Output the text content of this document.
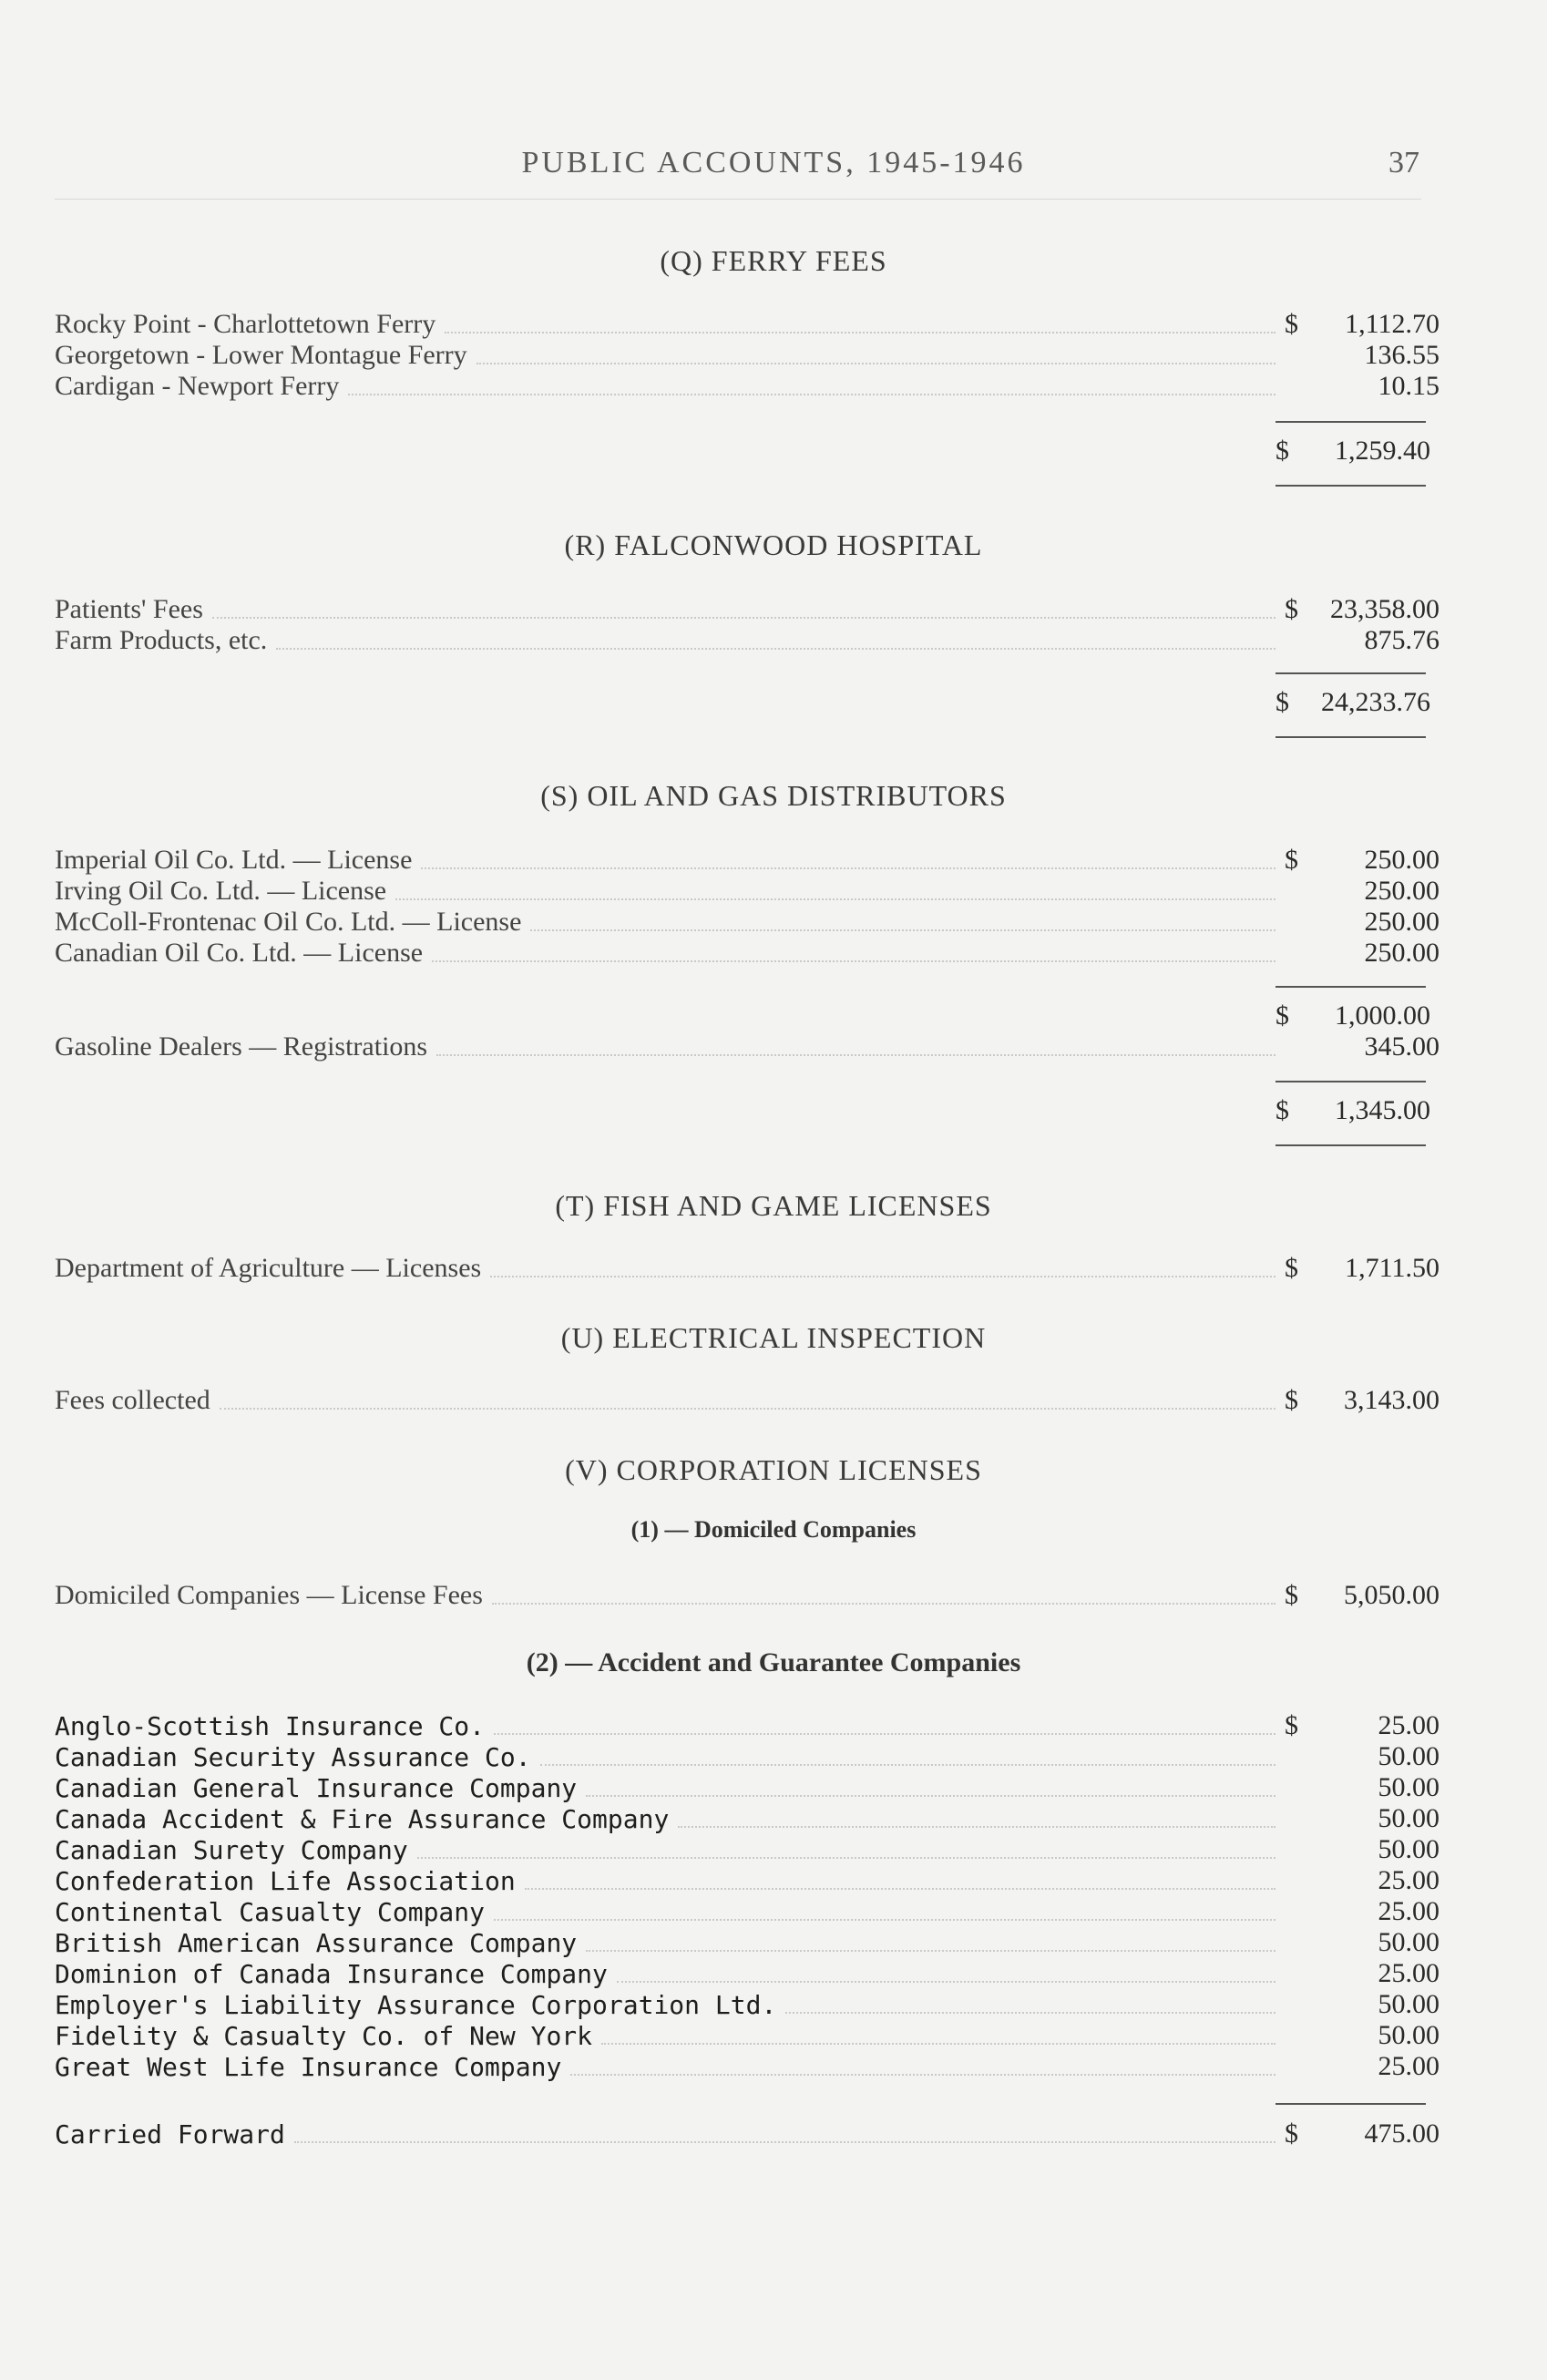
PUBLIC ACCOUNTS, 1945-1946	37
(Q) FERRY FEES
Rocky Point - Charlottetown Ferry	$	1,112.70
Georgetown - Lower Montague Ferry	136.55
Cardigan - Newport Ferry	10.15
$	1,259.40
(R) FALCONWOOD HOSPITAL
Patients' Fees	$	23,358.00
Farm Products, etc.	875.76
$	24,233.76
(S) OIL AND GAS DISTRIBUTORS
Imperial Oil Co. Ltd. — License	$	250.00
Irving Oil Co. Ltd. — License	250.00
McColl-Frontenac Oil Co. Ltd. — License	250.00
Canadian Oil Co. Ltd. — License	250.00
$	1,000.00
Gasoline Dealers — Registrations	345.00
$	1,345.00
(T) FISH AND GAME LICENSES
Department of Agriculture — Licenses	$	1,711.50
(U) ELECTRICAL INSPECTION
Fees collected	$	3,143.00
(V) CORPORATION LICENSES
(1) — Domiciled Companies
Domiciled Companies — License Fees	$	5,050.00
(2) — Accident and Guarantee Companies
Anglo-Scottish Insurance Co.	$	25.00
Canadian Security Assurance Co.	50.00
Canadian General Insurance Company	50.00
Canada Accident & Fire Assurance Company	50.00
Canadian Surety Company	50.00
Confederation Life Association	25.00
Continental Casualty Company	25.00
British American Assurance Company	50.00
Dominion of Canada Insurance Company	25.00
Employer's Liability Assurance Corporation Ltd.	50.00
Fidelity & Casualty Co. of New York	50.00
Great West Life Insurance Company	25.00
Carried Forward	$	475.00
